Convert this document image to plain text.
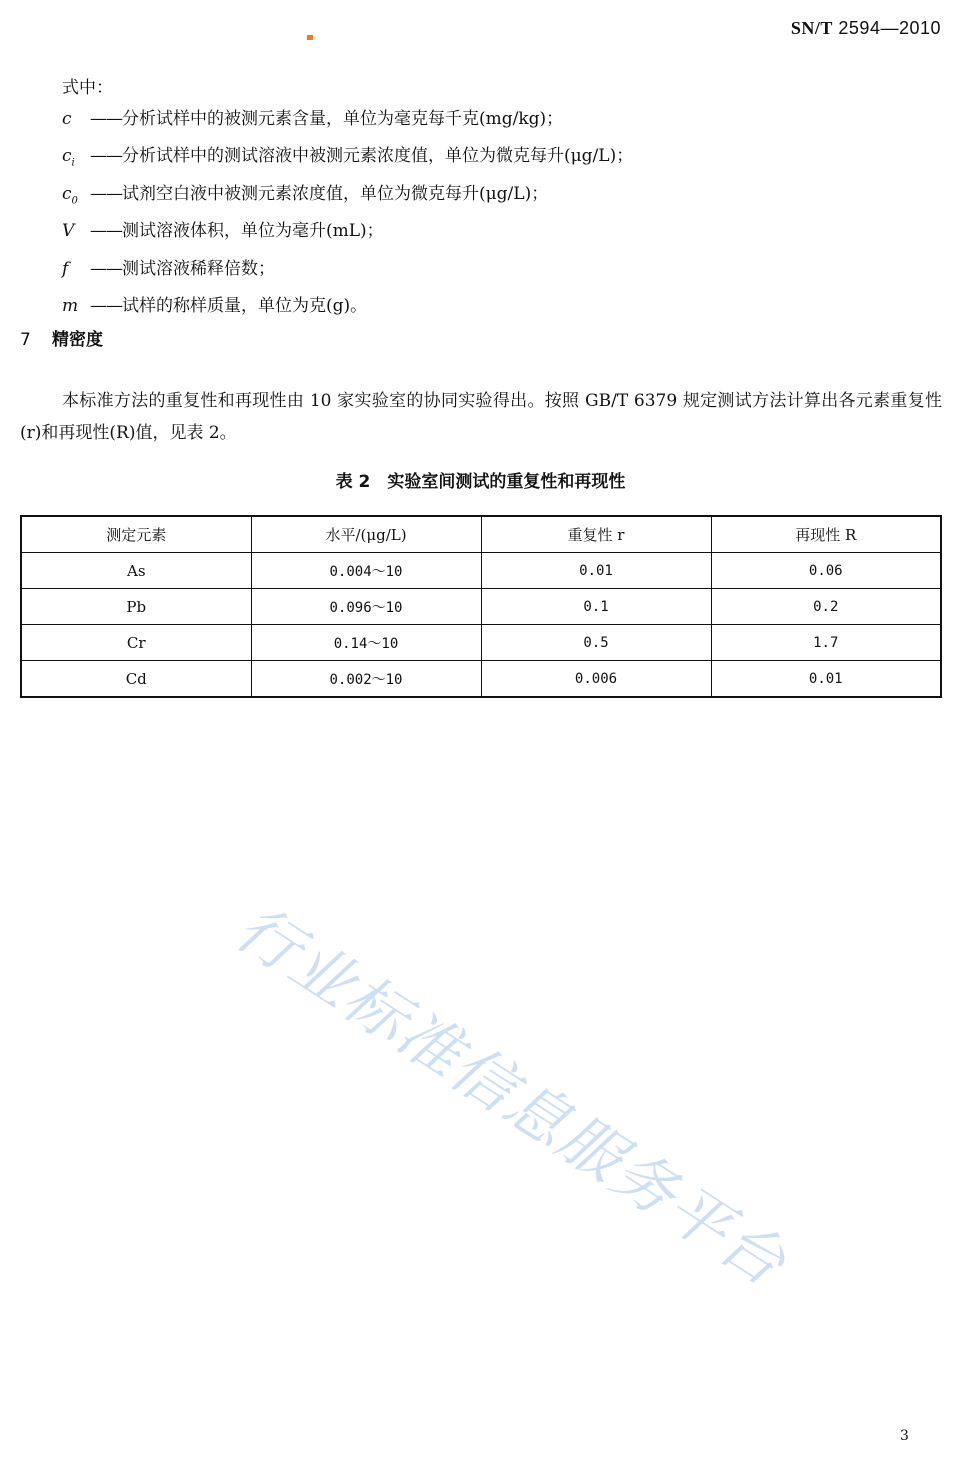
SN/T 2594—2010
式中：
c ——分析试样中的被测元素含量，单位为毫克每千克(mg/kg)；
$c_i$ ——分析试样中的测试溶液中被测元素浓度值，单位为微克每升(μg/L)；
$c_0$ ——试剂空白液中被测元素浓度值，单位为微克每升(μg/L)；
V ——测试溶液体积，单位为毫升(mL)；
f ——测试溶液稀释倍数；
m ——试样的称样质量，单位为克(g)。
7 精密度
本标准方法的重复性和再现性由 10 家实验室的协同实验得出。按照 GB/T 6379 规定测试方法计算出各元素重复性(r)和再现性(R)值，见表 2。
表 2　实验室间测试的重复性和再现性
测定元素	水平/(μg/L)	重复性 r	再现性 R
As	0.004～10	0.01	0.06
Pb	0.096～10	0.1	0.2
Cr	0.14～10	0.5	1.7
Cd	0.002～10	0.006	0.01
行业标准信息服务平台
3
